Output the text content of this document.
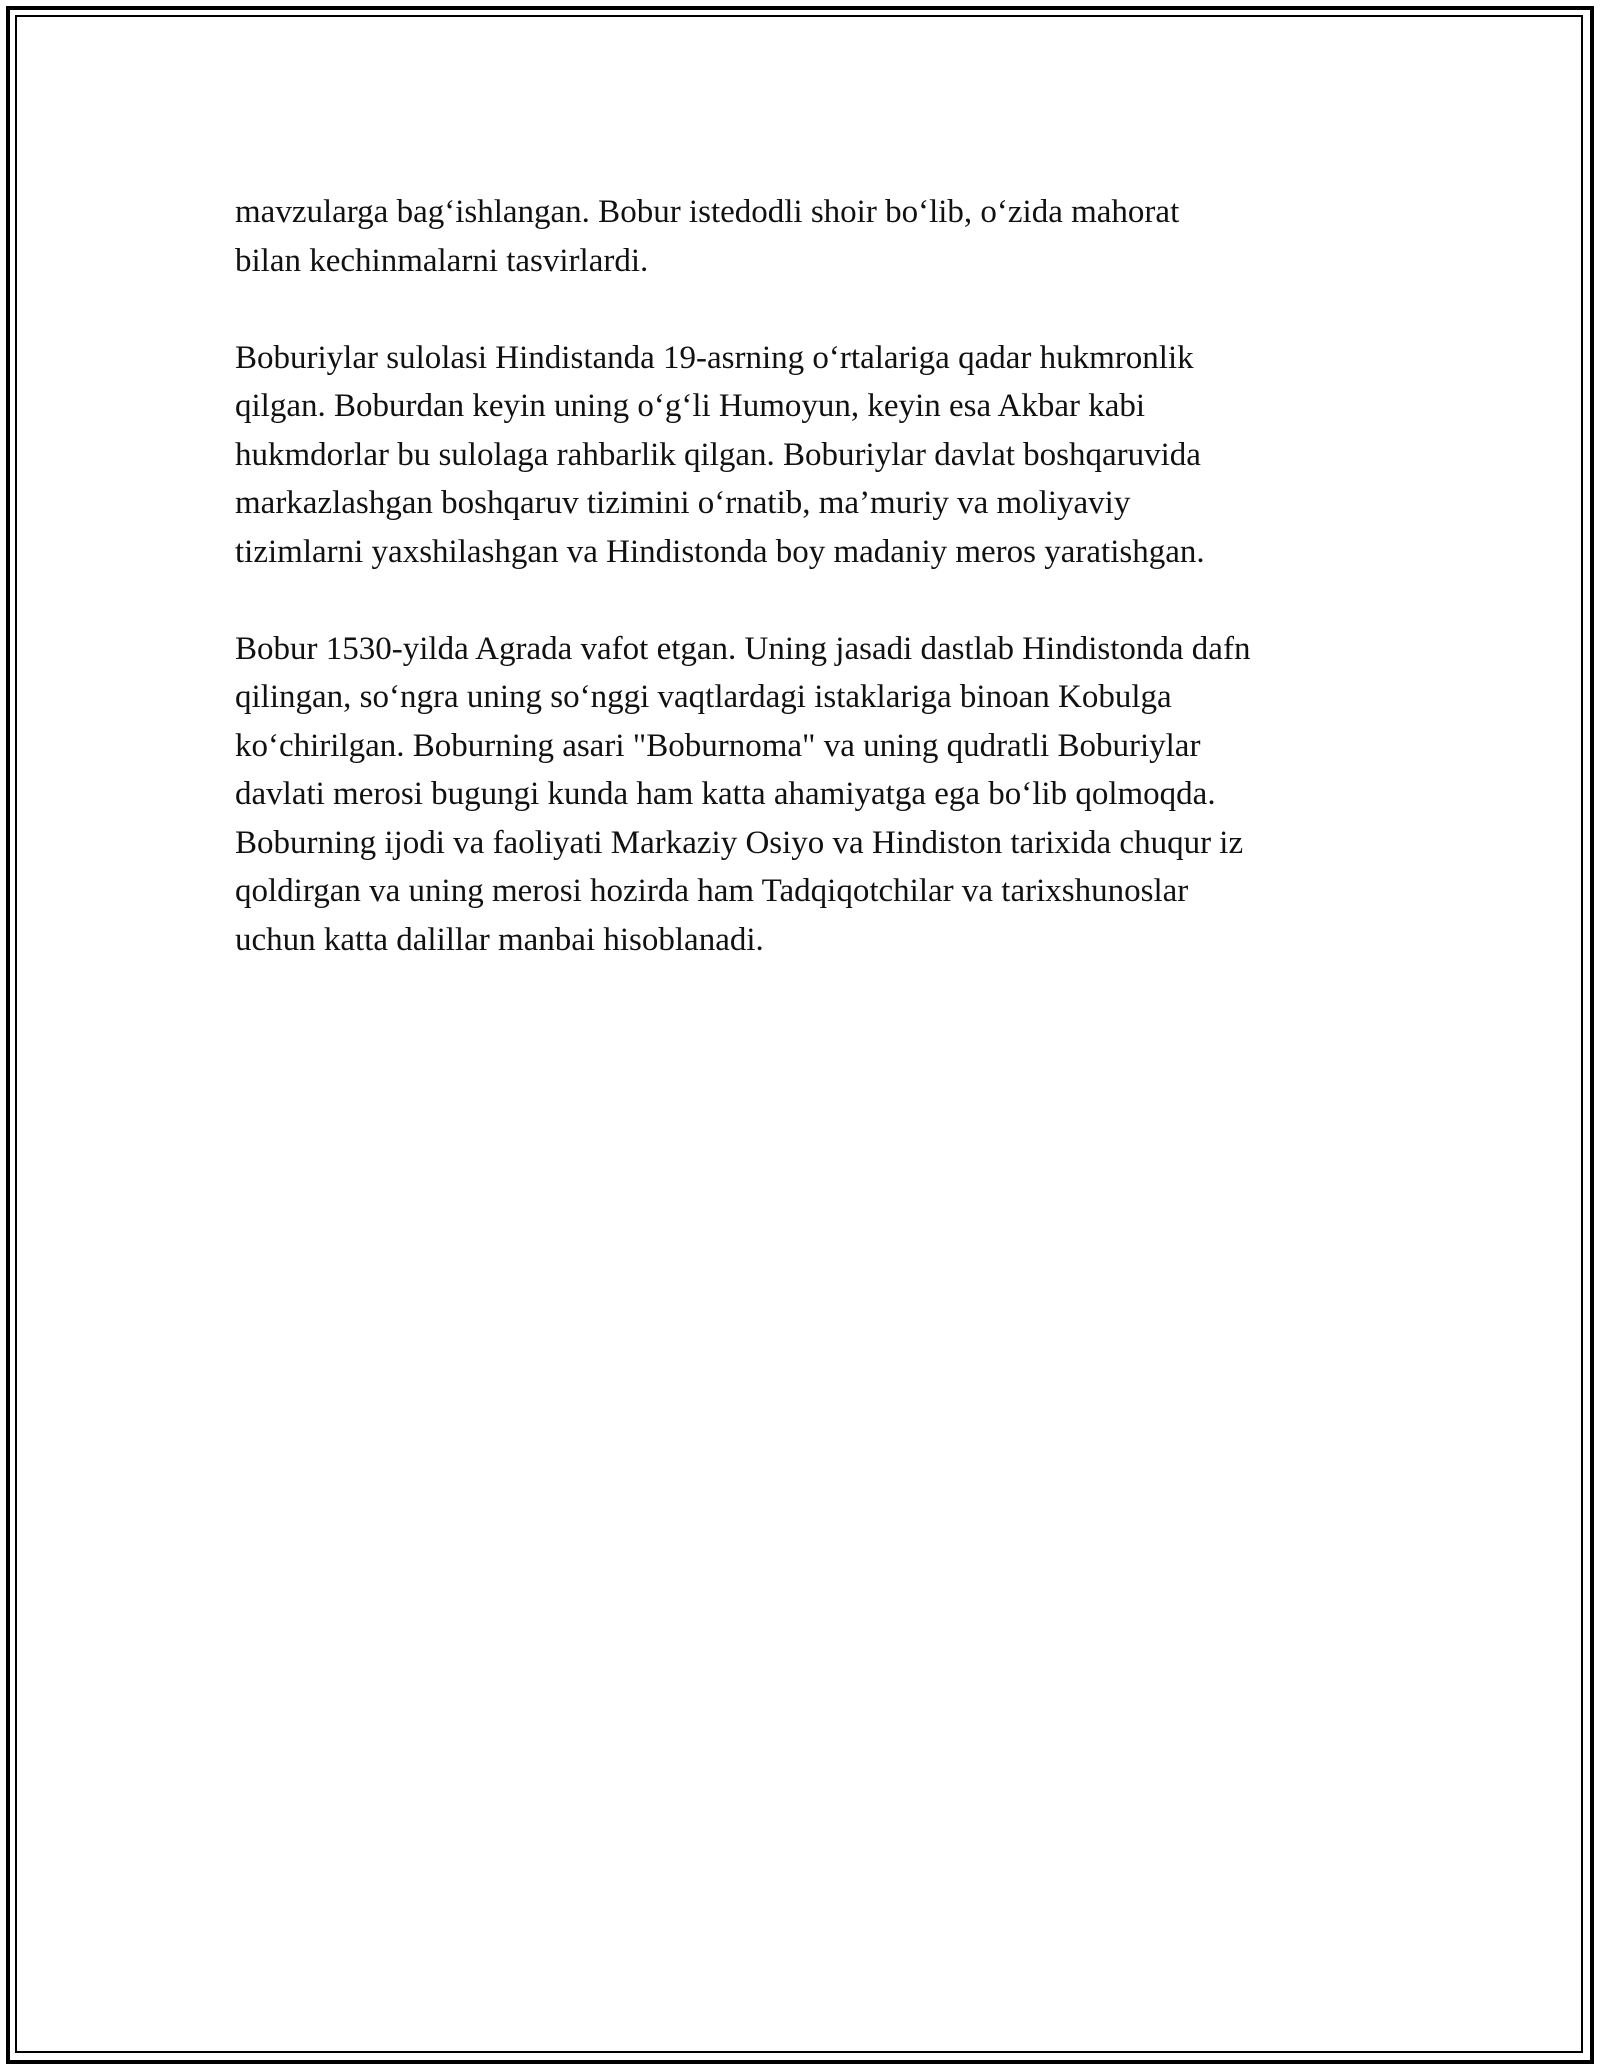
mavzularga bag‘ishlangan. Bobur istedodli shoir bo‘lib, o‘zida mahorat
bilan kechinmalarni tasvirlardi.

Boburiylar sulolasi Hindistanda 19-asrning o‘rtalariga qadar hukmronlik
qilgan. Boburdan keyin uning o‘g‘li Humoyun, keyin esa Akbar kabi
hukmdorlar bu sulolaga rahbarlik qilgan. Boburiylar davlat boshqaruvida
markazlashgan boshqaruv tizimini o‘rnatib, ma’muriy va moliyaviy
tizimlarni yaxshilashgan va Hindistonda boy madaniy meros yaratishgan.

Bobur 1530-yilda Agrada vafot etgan. Uning jasadi dastlab Hindistonda dafn
qilingan, so‘ngra uning so‘nggi vaqtlardagi istaklariga binoan Kobulga
ko‘chirilgan. Boburning asari "Boburnoma" va uning qudratli Boburiylar
davlati merosi bugungi kunda ham katta ahamiyatga ega bo‘lib qolmoqda.
Boburning ijodi va faoliyati Markaziy Osiyo va Hindiston tarixida chuqur iz
qoldirgan va uning merosi hozirda ham Tadqiqotchilar va tarixshunoslar
uchun katta dalillar manbai hisoblanadi.
